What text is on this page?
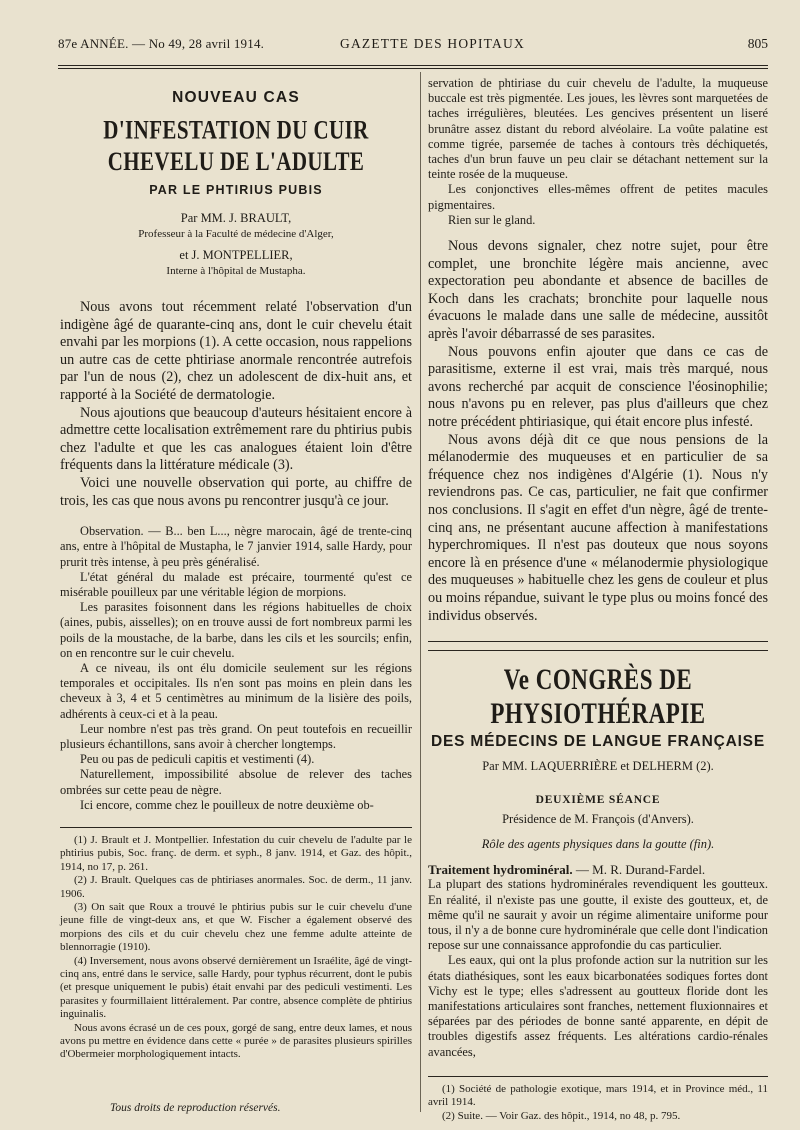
87e ANNÉE. — No 49, 28 avril 1914.	GAZETTE DES HOPITAUX	805
NOUVEAU CAS
D'INFESTATION DU CUIR CHEVELU DE L'ADULTE
PAR LE PHTIRIUS PUBIS
Par MM. J. BRAULT,
Professeur à la Faculté de médecine d'Alger,
et J. MONTPELLIER,
Interne à l'hôpital de Mustapha.

Nous avons tout récemment relaté l'observation d'un indigène âgé de quarante-cinq ans, dont le cuir chevelu était envahi par les morpions (1). A cette occasion, nous rappelions un autre cas de cette phtiriase anormale rencontrée autrefois par l'un de nous (2), chez un adolescent de dix-huit ans, et rapporté à la Société de dermatologie.

Nous ajoutions que beaucoup d'auteurs hésitaient encore à admettre cette localisation extrêmement rare du phtirius pubis chez l'adulte et que les cas analogues étaient loin d'être fréquents dans la littérature médicale (3).

Voici une nouvelle observation qui porte, au chiffre de trois, les cas que nous avons pu rencontrer jusqu'à ce jour.

Observation. — B... ben L..., nègre marocain, âgé de trente-cinq ans, entre à l'hôpital de Mustapha, le 7 janvier 1914, salle Hardy, pour prurit très intense, à peu près généralisé.

L'état général du malade est précaire, tourmenté qu'est ce misérable pouilleux par une véritable légion de morpions.

Les parasites foisonnent dans les régions habituelles de choix (aines, pubis, aisselles); on en trouve aussi de fort nombreux parmi les poils de la moustache, de la barbe, dans les cils et les sourcils; enfin, on en rencontre sur le cuir chevelu.

A ce niveau, ils ont élu domicile seulement sur les régions temporales et occipitales. Ils n'en sont pas moins en plein dans les cheveux à 3, 4 et 5 centimètres au minimum de la lisière des poils, adhérents à ceux-ci et à la peau.

Leur nombre n'est pas très grand. On peut toutefois en recueillir plusieurs échantillons, sans avoir à chercher longtemps.

Peu ou pas de pediculi capitis et vestimenti (4).

Naturellement, impossibilité absolue de relever des taches ombrées sur cette peau de nègre.

Ici encore, comme chez le pouilleux de notre deuxième ob-

(1) J. Brault et J. Montpellier. Infestation du cuir chevelu de l'adulte par le phtirius pubis, Soc. franç. de derm. et syph., 8 janv. 1914, et Gaz. des hôpit., 1914, no 17, p. 261.

(2) J. Brault. Quelques cas de phtiriases anormales. Soc. de derm., 11 janv. 1906.

(3) On sait que Roux a trouvé le phtirius pubis sur le cuir chevelu d'une jeune fille de vingt-deux ans, et que W. Fischer a également observé des morpions des cils et du cuir chevelu chez une femme adulte atteinte de blennorragie (1910).

(4) Inversement, nous avons observé dernièrement un Israélite, âgé de vingt-cinq ans, entré dans le service, salle Hardy, pour typhus récurrent, dont le pubis (et presque uniquement le pubis) était envahi par des pediculi vestimenti. Les parasites y fourmillaient littéralement. Par contre, absence complète de phtirius inguinalis.

Nous avons écrasé un de ces poux, gorgé de sang, entre deux lames, et nous avons pu mettre en évidence dans cette « purée » de parasites plusieurs spirilles d'Obermeier morphologiquement intacts.

servation de phtiriase du cuir chevelu de l'adulte, la muqueuse buccale est très pigmentée. Les joues, les lèvres sont marquetées de taches irrégulières, bleutées. Les gencives présentent un liseré brunâtre assez distant du rebord alvéolaire. La voûte palatine est comme tigrée, parsemée de taches à contours très déchiquetés, taches d'un brun fauve un peu clair se détachant nettement sur la teinte rosée de la muqueuse.

Les conjonctives elles-mêmes offrent de petites macules pigmentaires.

Rien sur le gland.

Nous devons signaler, chez notre sujet, pour être complet, une bronchite légère mais ancienne, avec expectoration peu abondante et absence de bacilles de Koch dans les crachats; bronchite pour laquelle nous évacuons le malade dans une salle de médecine, aussitôt après l'avoir débarrassé de ses parasites.

Nous pouvons enfin ajouter que dans ce cas de parasitisme, externe il est vrai, mais très marqué, nous avons recherché par acquit de conscience l'éosinophilie; nous n'avons pu en relever, pas plus d'ailleurs que chez notre précédent phtiriasique, qui était encore plus infesté.

Nous avons déjà dit ce que nous pensions de la mélanodermie des muqueuses et en particulier de sa fréquence chez nos indigènes d'Algérie (1). Nous n'y reviendrons pas. Ce cas, particulier, ne fait que confirmer nos conclusions. Il s'agit en effet d'un nègre, âgé de trente-cinq ans, ne présentant aucune affection à manifestations hyperchromiques. Il n'est pas douteux que nous soyons encore là en présence d'une « mélanodermie physiologique des muqueuses » habituelle chez les gens de couleur et plus ou moins répandue, suivant le type plus ou moins foncé des individus observés.

Ve CONGRÈS DE PHYSIOTHÉRAPIE
DES MÉDECINS DE LANGUE FRANÇAISE
Par MM. LAQUERRIÈRE et DELHERM (2).
DEUXIÈME SÉANCE
Présidence de M. François (d'Anvers).
Rôle des agents physiques dans la goutte (fin).

Traitement hydrominéral. — M. R. Durand-Fardel.

La plupart des stations hydrominérales revendiquent les goutteux. En réalité, il n'existe pas une goutte, il existe des goutteux, et, de même qu'il ne saurait y avoir un régime alimentaire uniforme pour tous, il n'y a de bonne cure hydrominérale que celle dont l'indication repose sur une connaissance approfondie du cas particulier.

Les eaux, qui ont la plus profonde action sur la nutrition sur les états diathésiques, sont les eaux bicarbonatées sodiques fortes dont Vichy est le type; elles s'adressent au goutteux floride dont les manifestations articulaires sont franches, nettement fluxionnaires et séparées par des périodes de bonne santé apparente, en dépit de troubles digestifs assez fréquents. Les altérations cardio-rénales avancées,

(1) Société de pathologie exotique, mars 1914, et in Province méd., 11 avril 1914.

(2) Suite. — Voir Gaz. des hôpit., 1914, no 48, p. 795.

Tous droits de reproduction réservés.
